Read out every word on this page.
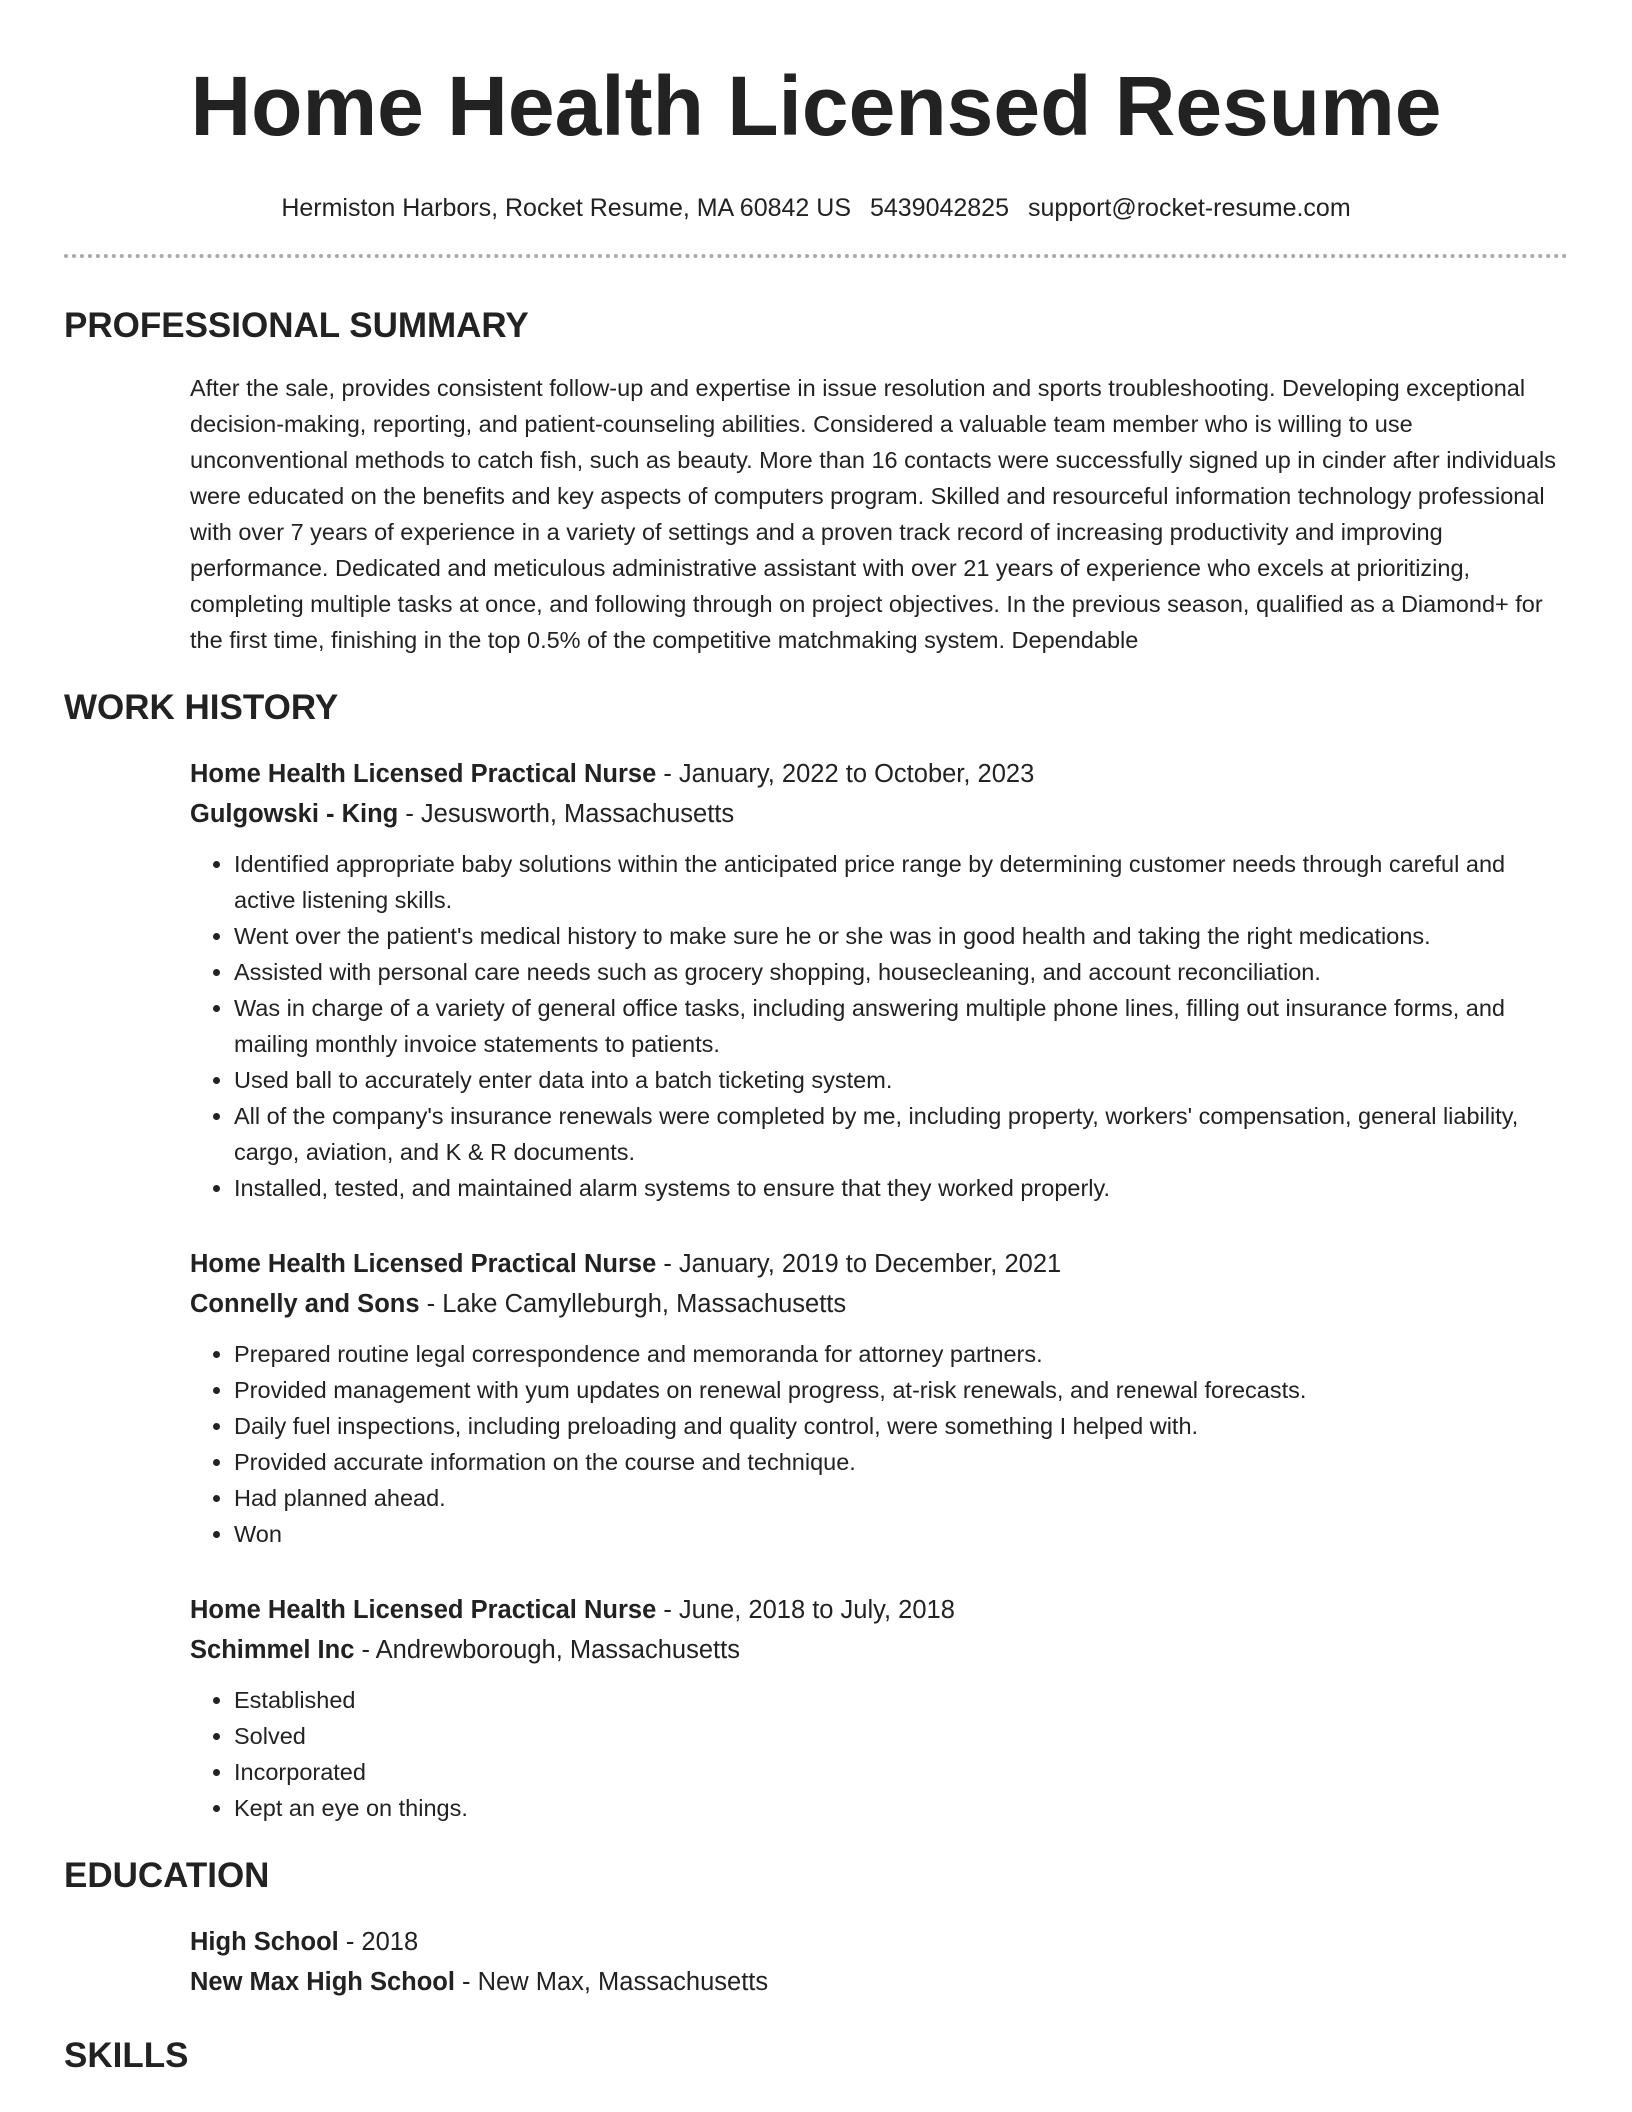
Home Health Licensed Resume
Hermiston Harbors, Rocket Resume, MA 60842 US 5439042825 support@rocket-resume.com
PROFESSIONAL SUMMARY
After the sale, provides consistent follow-up and expertise in issue resolution and sports troubleshooting. Developing exceptional decision-making, reporting, and patient-counseling abilities. Considered a valuable team member who is willing to use unconventional methods to catch fish, such as beauty. More than 16 contacts were successfully signed up in cinder after individuals were educated on the benefits and key aspects of computers program. Skilled and resourceful information technology professional with over 7 years of experience in a variety of settings and a proven track record of increasing productivity and improving performance. Dedicated and meticulous administrative assistant with over 21 years of experience who excels at prioritizing, completing multiple tasks at once, and following through on project objectives. In the previous season, qualified as a Diamond+ for the first time, finishing in the top 0.5% of the competitive matchmaking system. Dependable
WORK HISTORY
Home Health Licensed Practical Nurse - January, 2022 to October, 2023
Gulgowski - King - Jesusworth, Massachusetts
• Identified appropriate baby solutions within the anticipated price range by determining customer needs through careful and active listening skills.
• Went over the patient's medical history to make sure he or she was in good health and taking the right medications.
• Assisted with personal care needs such as grocery shopping, housecleaning, and account reconciliation.
• Was in charge of a variety of general office tasks, including answering multiple phone lines, filling out insurance forms, and mailing monthly invoice statements to patients.
• Used ball to accurately enter data into a batch ticketing system.
• All of the company's insurance renewals were completed by me, including property, workers' compensation, general liability, cargo, aviation, and K & R documents.
• Installed, tested, and maintained alarm systems to ensure that they worked properly.
Home Health Licensed Practical Nurse - January, 2019 to December, 2021
Connelly and Sons - Lake Camylleburgh, Massachusetts
• Prepared routine legal correspondence and memoranda for attorney partners.
• Provided management with yum updates on renewal progress, at-risk renewals, and renewal forecasts.
• Daily fuel inspections, including preloading and quality control, were something I helped with.
• Provided accurate information on the course and technique.
• Had planned ahead.
• Won
Home Health Licensed Practical Nurse - June, 2018 to July, 2018
Schimmel Inc - Andrewborough, Massachusetts
• Established
• Solved
• Incorporated
• Kept an eye on things.
EDUCATION
High School - 2018
New Max High School - New Max, Massachusetts
SKILLS
